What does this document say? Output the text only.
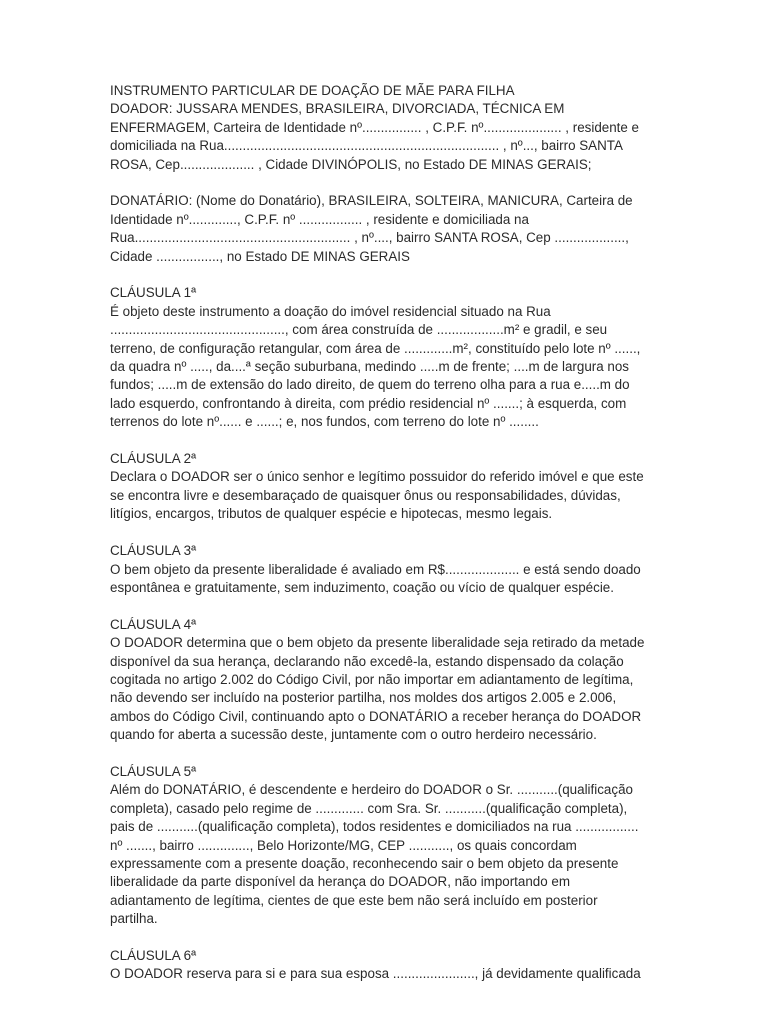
INSTRUMENTO PARTICULAR DE DOAÇÃO DE MÃE PARA FILHA
DOADOR: JUSSARA MENDES, BRASILEIRA, DIVORCIADA, TÉCNICA EM
ENFERMAGEM, Carteira de Identidade nº................ , C.P.F. nº..................... , residente e
domiciliada na Rua.......................................................................... , nº..., bairro SANTA
ROSA, Cep.................... , Cidade DIVINÓPOLIS, no Estado DE MINAS GERAIS;
DONATÁRIO: (Nome do Donatário), BRASILEIRA, SOLTEIRA, MANICURA, Carteira de
Identidade nº............., C.P.F. nº ................. , residente e domiciliada na
Rua.......................................................... , nº...., bairro SANTA ROSA, Cep ...................,
Cidade ................., no Estado DE MINAS GERAIS
CLÁUSULA 1ª
É objeto deste instrumento a doação do imóvel residencial situado na Rua
..............................................., com área construída de ..................m² e gradil, e seu
terreno, de configuração retangular, com área de .............m², constituído pelo lote nº ......,
da quadra nº ....., da....ª seção suburbana, medindo .....m de frente; ....m de largura nos
fundos; .....m de extensão do lado direito, de quem do terreno olha para a rua e.....m do
lado esquerdo, confrontando à direita, com prédio residencial nº .......; à esquerda, com
terrenos do lote nº...... e ......; e, nos fundos, com terreno do lote nº ........
CLÁUSULA 2ª
Declara o DOADOR ser o único senhor e legítimo possuidor do referido imóvel e que este
se encontra livre e desembaraçado de quaisquer ônus ou responsabilidades, dúvidas,
litígios, encargos, tributos de qualquer espécie e hipotecas, mesmo legais.
CLÁUSULA 3ª
O bem objeto da presente liberalidade é avaliado em R$.................... e está sendo doado
espontânea e gratuitamente, sem induzimento, coação ou vício de qualquer espécie.
CLÁUSULA 4ª
O DOADOR determina que o bem objeto da presente liberalidade seja retirado da metade
disponível da sua herança, declarando não excedê-la, estando dispensado da colação
cogitada no artigo 2.002 do Código Civil, por não importar em adiantamento de legítima,
não devendo ser incluído na posterior partilha, nos moldes dos artigos 2.005 e 2.006,
ambos do Código Civil, continuando apto o DONATÁRIO a receber herança do DOADOR
quando for aberta a sucessão deste, juntamente com o outro herdeiro necessário.
CLÁUSULA 5ª
Além do DONATÁRIO, é descendente e herdeiro do DOADOR o Sr. ...........(qualificação
completa), casado pelo regime de ............. com Sra. Sr. ...........(qualificação completa),
pais de ...........(qualificação completa), todos residentes e domiciliados na rua .................
nº ......., bairro .............., Belo Horizonte/MG, CEP ..........., os quais concordam
expressamente com a presente doação, reconhecendo sair o bem objeto da presente
liberalidade da parte disponível da herança do DOADOR, não importando em
adiantamento de legítima, cientes de que este bem não será incluído em posterior
partilha.
CLÁUSULA 6ª
O DOADOR reserva para si e para sua esposa ......................, já devidamente qualificada
